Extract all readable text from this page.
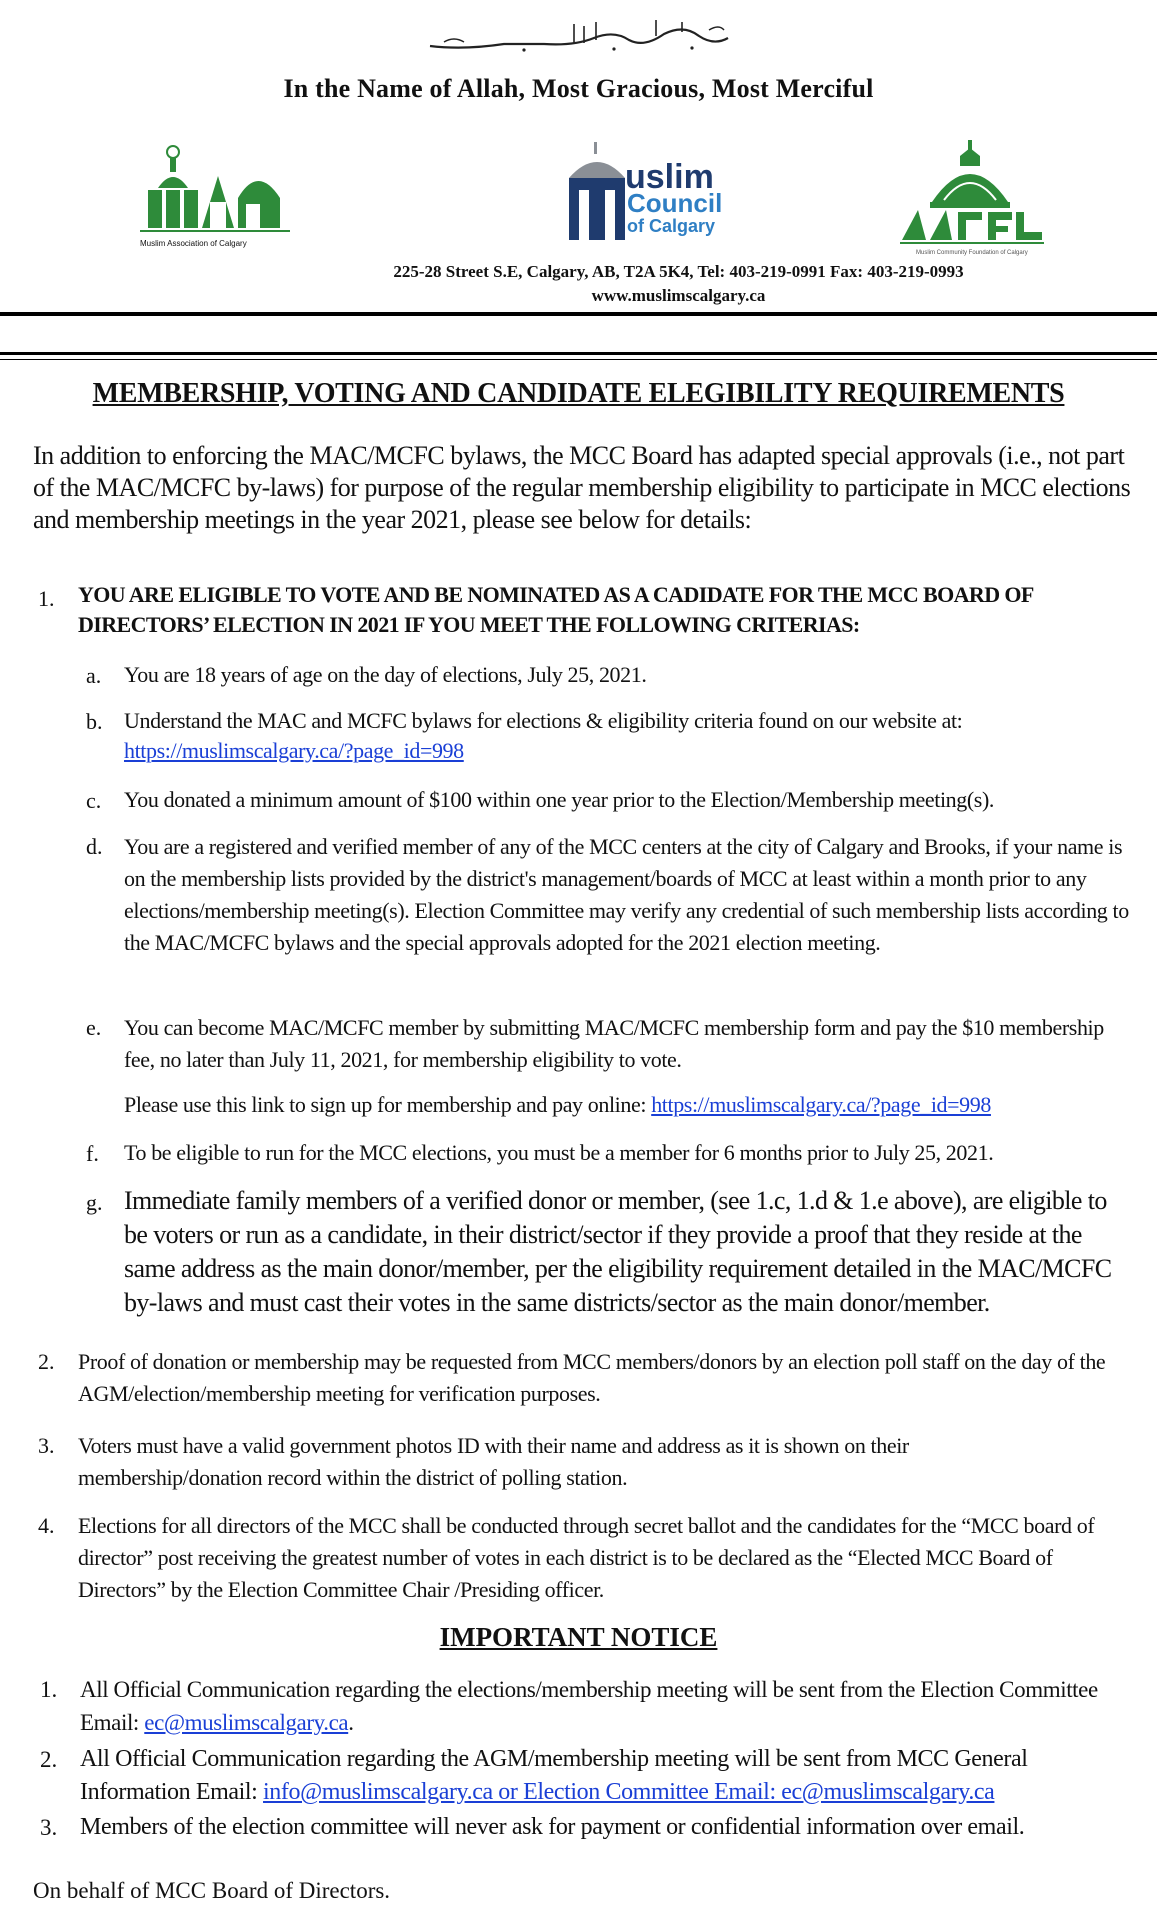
In the Name of Allah, Most Gracious, Most Merciful
Muslim Association of Calgary
uslim
Council
of Calgary
Muslim Community Foundation of Calgary
225-28 Street S.E, Calgary, AB, T2A 5K4, Tel: 403-219-0991 Fax: 403-219-0993
www.muslimscalgary.ca
MEMBERSHIP, VOTING AND CANDIDATE ELEGIBILITY REQUIREMENTS
In addition to enforcing the MAC/MCFC bylaws, the MCC Board has adapted special approvals (i.e., not part of the MAC/MCFC by-laws) for purpose of the regular membership eligibility to participate in MCC elections and membership meetings in the year 2021, please see below for details:
1. YOU ARE ELIGIBLE TO VOTE AND BE NOMINATED AS A CADIDATE FOR THE MCC BOARD OF DIRECTORS’ ELECTION IN 2021 IF YOU MEET THE FOLLOWING CRITERIAS:
a. You are 18 years of age on the day of elections, July 25, 2021.
b. Understand the MAC and MCFC bylaws for elections & eligibility criteria found on our website at:
https://muslimscalgary.ca/?page_id=998
c. You donated a minimum amount of $100 within one year prior to the Election/Membership meeting(s).
d. You are a registered and verified member of any of the MCC centers at the city of Calgary and Brooks, if your name is on the membership lists provided by the district's management/boards of MCC at least within a month prior to any elections/membership meeting(s). Election Committee may verify any credential of such membership lists according to the MAC/MCFC bylaws and the special approvals adopted for the 2021 election meeting.
e. You can become MAC/MCFC member by submitting MAC/MCFC membership form and pay the $10 membership fee, no later than July 11, 2021, for membership eligibility to vote.
Please use this link to sign up for membership and pay online: https://muslimscalgary.ca/?page_id=998
f. To be eligible to run for the MCC elections, you must be a member for 6 months prior to July 25, 2021.
g. Immediate family members of a verified donor or member, (see 1.c, 1.d & 1.e above), are eligible to be voters or run as a candidate, in their district/sector if they provide a proof that they reside at the same address as the main donor/member, per the eligibility requirement detailed in the MAC/MCFC by-laws and must cast their votes in the same districts/sector as the main donor/member.
2. Proof of donation or membership may be requested from MCC members/donors by an election poll staff on the day of the AGM/election/membership meeting for verification purposes.
3. Voters must have a valid government photos ID with their name and address as it is shown on their membership/donation record within the district of polling station.
4. Elections for all directors of the MCC shall be conducted through secret ballot and the candidates for the “MCC board of director” post receiving the greatest number of votes in each district is to be declared as the “Elected MCC Board of Directors” by the Election Committee Chair /Presiding officer.
IMPORTANT NOTICE
1. All Official Communication regarding the elections/membership meeting will be sent from the Election Committee Email: ec@muslimscalgary.ca.
2. All Official Communication regarding the AGM/membership meeting will be sent from MCC General Information Email: info@muslimscalgary.ca or Election Committee Email: ec@muslimscalgary.ca
3. Members of the election committee will never ask for payment or confidential information over email.
On behalf of MCC Board of Directors.
